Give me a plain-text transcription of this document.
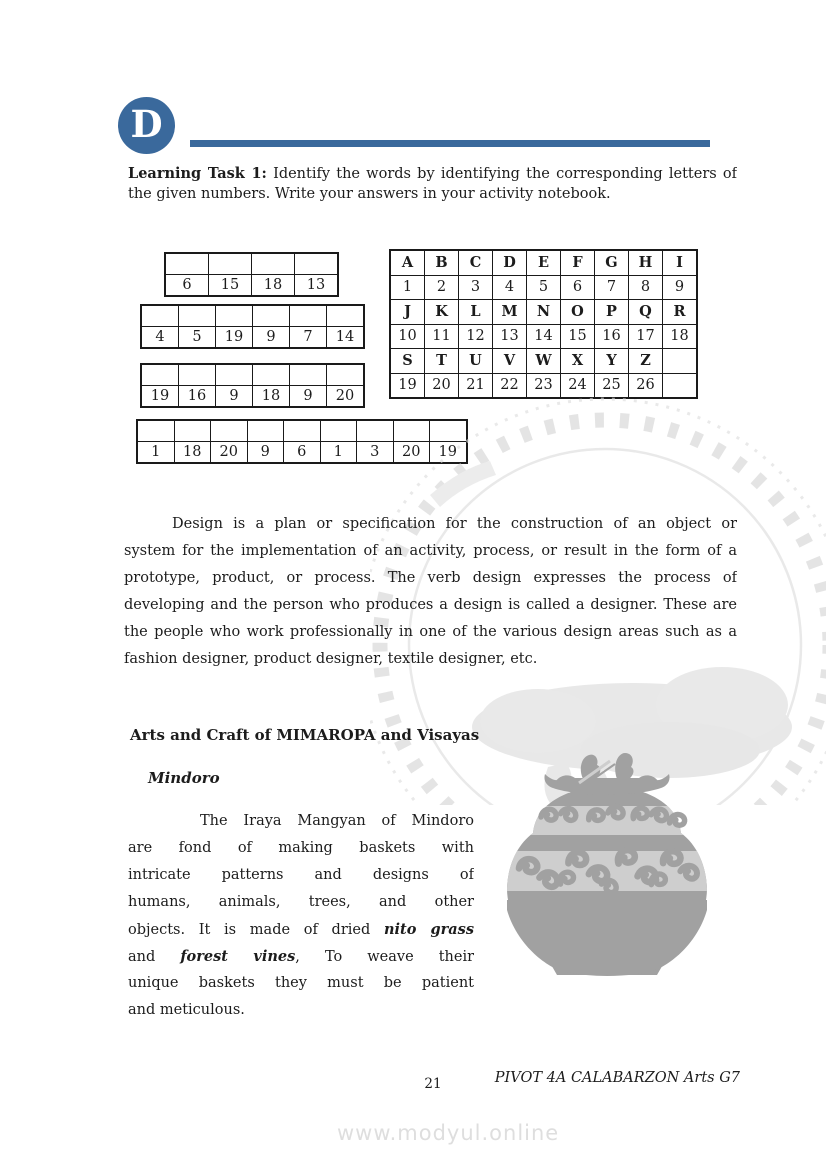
D
Learning Task 1: Identify the words by identifying the corresponding letters of
the given numbers. Write your answers in your activity notebook.

6	15	18	13

4	5	19	9	7	14

19	16	9	18	9	20

1	18	20	9	6	1	3	20	19
A	B	C	D	E	F	G	H	I
1	2	3	4	5	6	7	8	9
J	K	L	M	N	O	P	Q	R
10	11	12	13	14	15	16	17	18
S	T	U	V	W	X	Y	Z	
19	20	21	22	23	24	25	26	
Design is a plan or specification for the construction of an object or
system for the implementation of an activity, process, or result in the form of a
prototype, product, or process. The verb design expresses the process of
developing and the person who produces a design is called a designer. These are
the people who work professionally in one of the various design areas such as a
fashion designer, product designer, textile designer, etc.
Arts and Craft of MIMAROPA and Visayas
Mindoro
The Iraya Mangyan of Mindoro
are fond of making baskets with
intricate patterns and designs of
humans, animals, trees, and other
objects. It is made of dried nito grass
and forest vines, To weave their
unique baskets they must be patient
and meticulous.
21	PIVOT 4A CALABARZON Arts G7
www.modyul.online
